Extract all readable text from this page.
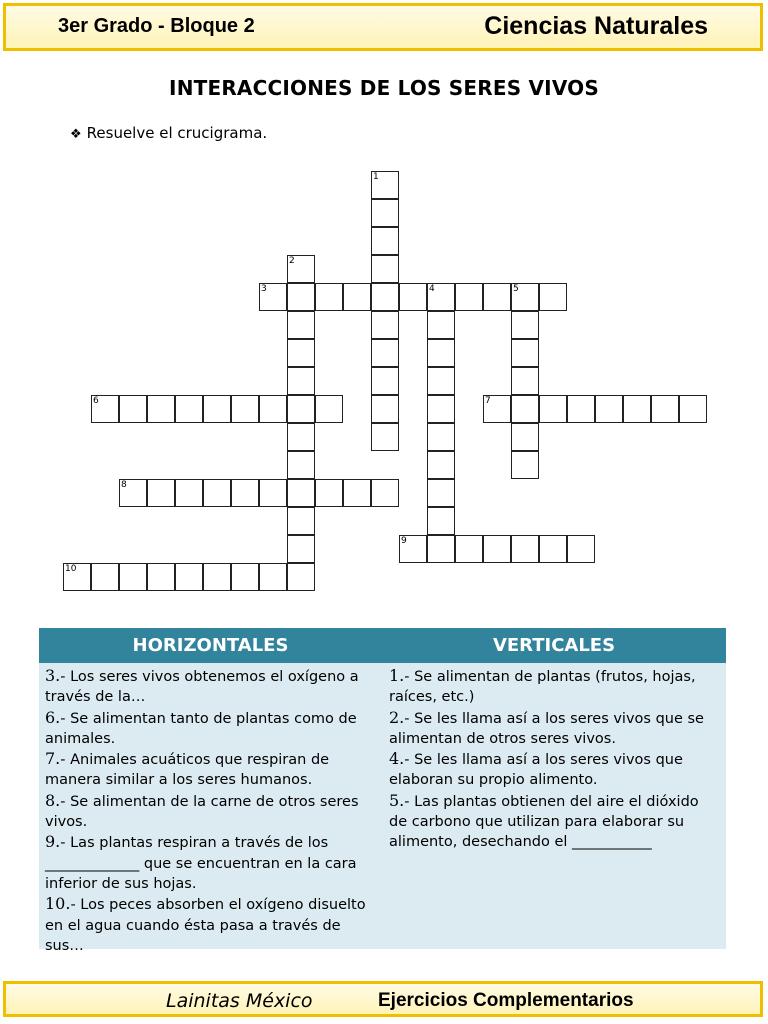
3er Grado - Bloque 2	Ciencias Naturales
INTERACCIONES DE LOS SERES VIVOS
❖ Resuelve el crucigrama.
1
2
3	4	5
6	7
8
9
10
HORIZONTALES	VERTICALES
3.- Los seres vivos obtenemos el oxígeno a través de la…
6.- Se alimentan tanto de plantas como de animales.
7.- Animales acuáticos que respiran de manera similar a los seres humanos.
8.- Se alimentan de la carne de otros seres vivos.
9.- Las plantas respiran a través de los _____________ que se encuentran en la cara inferior de sus hojas.
10.- Los peces absorben el oxígeno disuelto en el agua cuando ésta pasa a través de sus…
1.- Se alimentan de plantas (frutos, hojas, raíces, etc.)
2.- Se les llama así a los seres vivos que se alimentan de otros seres vivos.
4.- Se les llama así a los seres vivos que elaboran su propio alimento.
5.- Las plantas obtienen del aire el dióxido de carbono que utilizan para elaborar su alimento, desechando el ___________
Lainitas México	Ejercicios Complementarios
